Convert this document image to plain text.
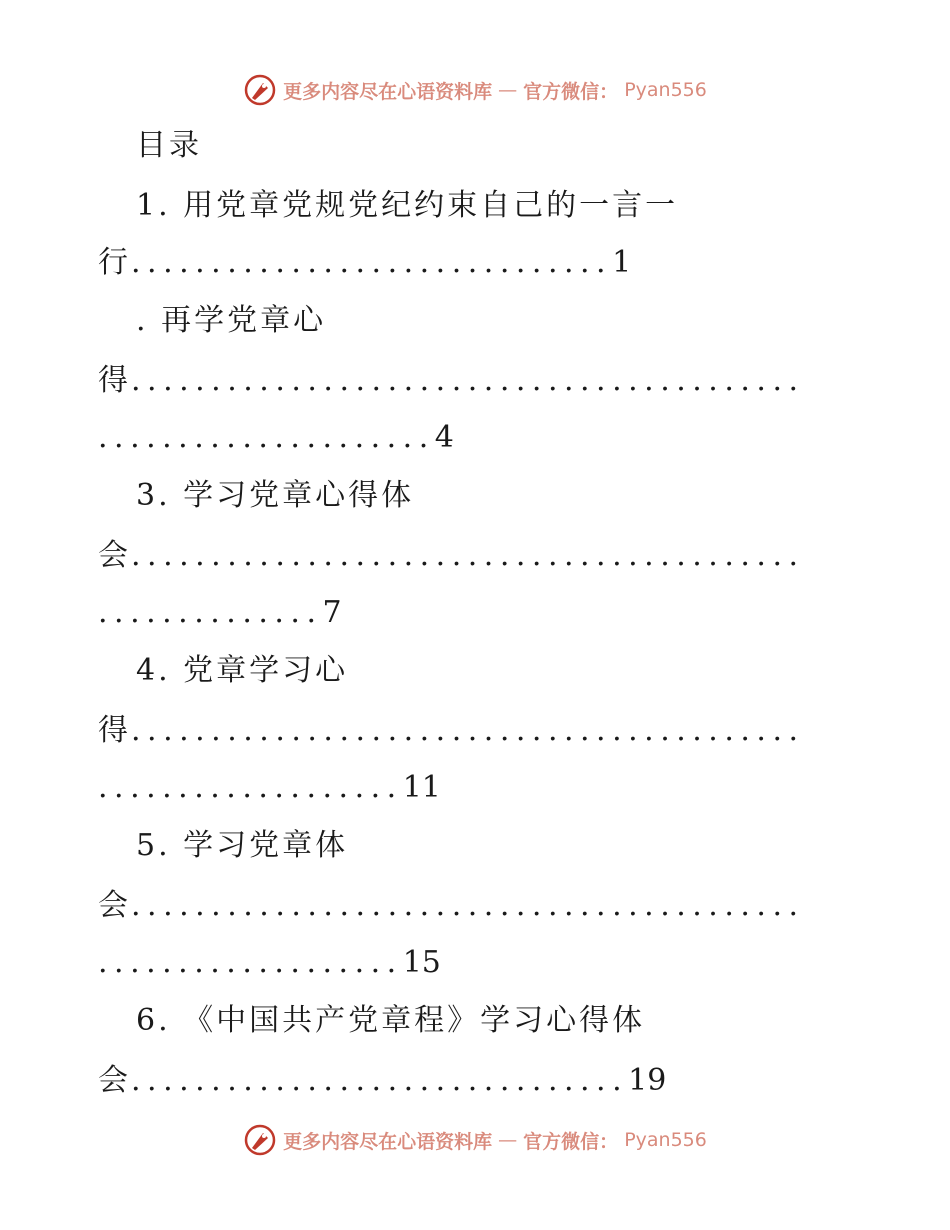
更多内容尽在心语资料库 — 官方微信： Pyan556
目录
1. 用党章党规党纪约束自己的一言一
行..............................1
. 再学党章心
得..........................................
.....................4
3. 学习党章心得体
会..........................................
..............7
4. 党章学习心
得..........................................
...................11
5. 学习党章体
会..........................................
...................15
6. 《中国共产党章程》学习心得体
会...............................19
更多内容尽在心语资料库 — 官方微信： Pyan556
